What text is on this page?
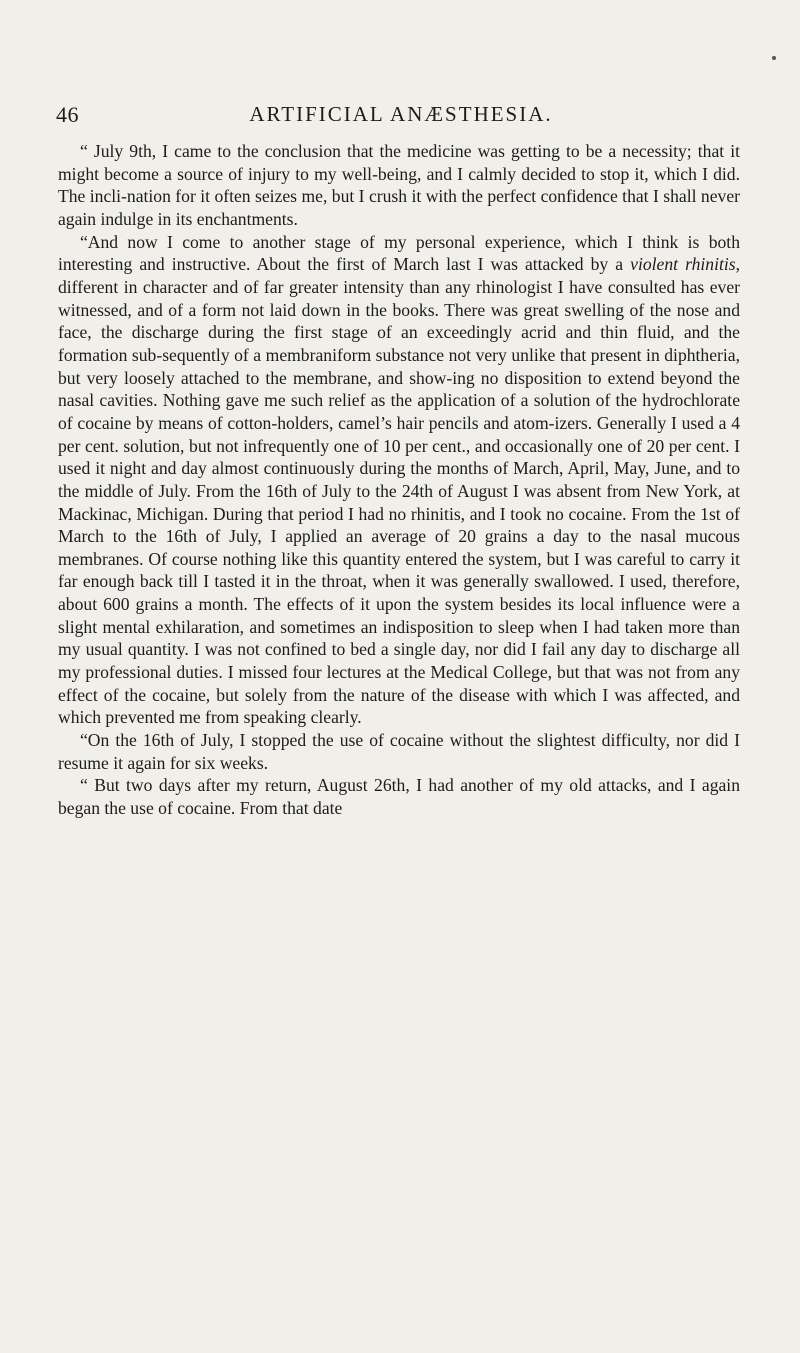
46	ARTIFICIAL ANÆSTHESIA.

“ July 9th, I came to the conclusion that the medicine was getting to be a necessity; that it might become a source of injury to my well-being, and I calmly decided to stop it, which I did. The incli-nation for it often seizes me, but I crush it with the perfect confidence that I shall never again indulge in its enchantments.

“And now I come to another stage of my personal experience, which I think is both interesting and instructive. About the first of March last I was attacked by a violent rhinitis, different in character and of far greater intensity than any rhinologist I have consulted has ever witnessed, and of a form not laid down in the books. There was great swelling of the nose and face, the discharge during the first stage of an exceedingly acrid and thin fluid, and the formation sub-sequently of a membraniform substance not very unlike that present in diphtheria, but very loosely attached to the membrane, and show-ing no disposition to extend beyond the nasal cavities. Nothing gave me such relief as the application of a solution of the hydrochlorate of cocaine by means of cotton-holders, camel’s hair pencils and atom-izers. Generally I used a 4 per cent. solution, but not infrequently one of 10 per cent., and occasionally one of 20 per cent. I used it night and day almost continuously during the months of March, April, May, June, and to the middle of July. From the 16th of July to the 24th of August I was absent from New York, at Mackinac, Michigan. During that period I had no rhinitis, and I took no cocaine. From the 1st of March to the 16th of July, I applied an average of 20 grains a day to the nasal mucous membranes. Of course nothing like this quantity entered the system, but I was careful to carry it far enough back till I tasted it in the throat, when it was generally swallowed. I used, therefore, about 600 grains a month. The effects of it upon the system besides its local influence were a slight mental exhilaration, and sometimes an indisposition to sleep when I had taken more than my usual quantity. I was not confined to bed a single day, nor did I fail any day to discharge all my professional duties. I missed four lectures at the Medical College, but that was not from any effect of the cocaine, but solely from the nature of the disease with which I was affected, and which prevented me from speaking clearly.

“On the 16th of July, I stopped the use of cocaine without the slightest difficulty, nor did I resume it again for six weeks.

“ But two days after my return, August 26th, I had another of my old attacks, and I again began the use of cocaine. From that date
